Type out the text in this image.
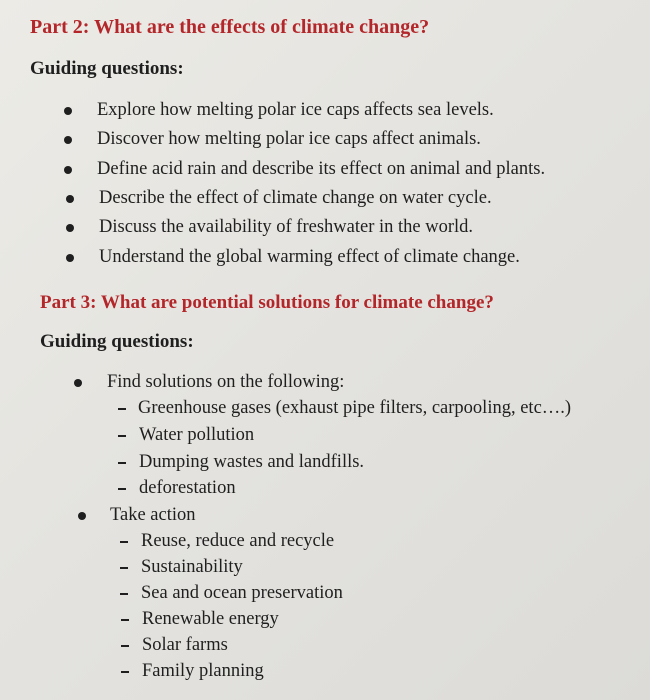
Part 2: What are the effects of climate change?
Guiding questions:
Explore how melting polar ice caps affects sea levels.
Discover how melting polar ice caps affect animals.
Define acid rain and describe its effect on animal and plants.
Describe the effect of climate change on water cycle.
Discuss the availability of freshwater in the world.
Understand the global warming effect of climate change.
Part 3: What are potential solutions for climate change?
Guiding questions:
Find solutions on the following:
Greenhouse gases (exhaust pipe filters, carpooling, etc….)
Water pollution
Dumping wastes and landfills.
deforestation
Take action
Reuse, reduce and recycle
Sustainability
Sea and ocean preservation
Renewable energy
Solar farms
Family planning
